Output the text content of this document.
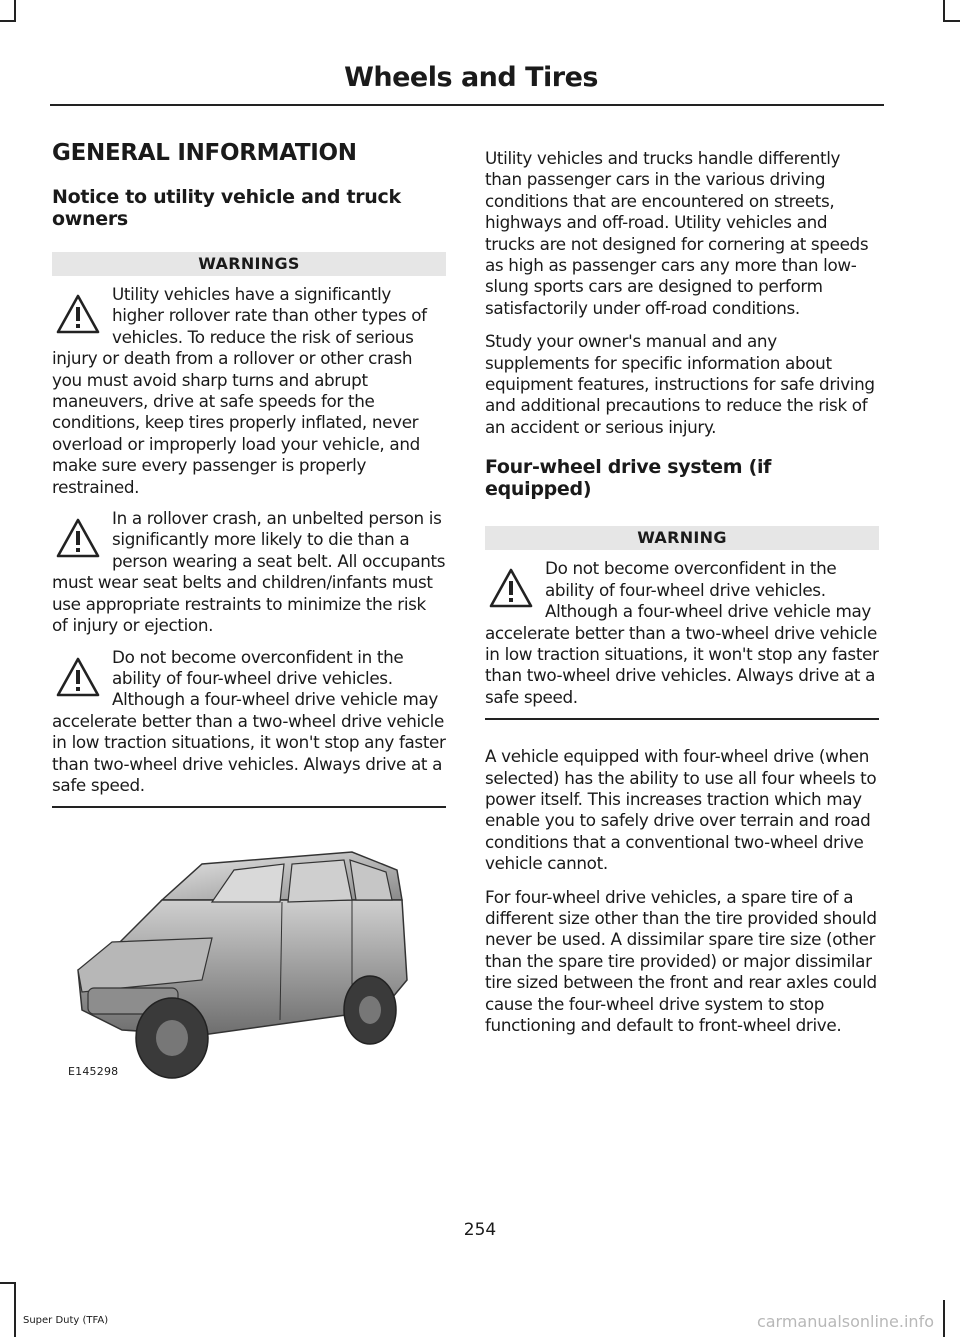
Wheels and Tires
GENERAL INFORMATION
Notice to utility vehicle and truck owners
WARNINGS
Utility vehicles have a significantly higher rollover rate than other types of vehicles. To reduce the risk of serious injury or death from a rollover or other crash you must avoid sharp turns and abrupt maneuvers, drive at safe speeds for the conditions, keep tires properly inflated, never overload or improperly load your vehicle, and make sure every passenger is properly restrained.
In a rollover crash, an unbelted person is significantly more likely to die than a person wearing a seat belt. All occupants must wear seat belts and children/infants must use appropriate restraints to minimize the risk of injury or ejection.
Do not become overconfident in the ability of four-wheel drive vehicles. Although a four-wheel drive vehicle may accelerate better than a two-wheel drive vehicle in low traction situations, it won't stop any faster than two-wheel drive vehicles. Always drive at a safe speed.
E145298

Utility vehicles and trucks handle differently than passenger cars in the various driving conditions that are encountered on streets, highways and off-road. Utility vehicles and trucks are not designed for cornering at speeds as high as passenger cars any more than low-slung sports cars are designed to perform satisfactorily under off-road conditions.

Study your owner's manual and any supplements for specific information about equipment features, instructions for safe driving and additional precautions to reduce the risk of an accident or serious injury.

Four-wheel drive system (if equipped)
WARNING
Do not become overconfident in the ability of four-wheel drive vehicles. Although a four-wheel drive vehicle may accelerate better than a two-wheel drive vehicle in low traction situations, it won't stop any faster than two-wheel drive vehicles. Always drive at a safe speed.

A vehicle equipped with four-wheel drive (when selected) has the ability to use all four wheels to power itself. This increases traction which may enable you to safely drive over terrain and road conditions that a conventional two-wheel drive vehicle cannot.

For four-wheel drive vehicles, a spare tire of a different size other than the tire provided should never be used. A dissimilar spare tire size (other than the spare tire provided) or major dissimilar tire sized between the front and rear axles could cause the four-wheel drive system to stop functioning and default to front-wheel drive.

254
Super Duty (TFA)	carmanualsonline.info
